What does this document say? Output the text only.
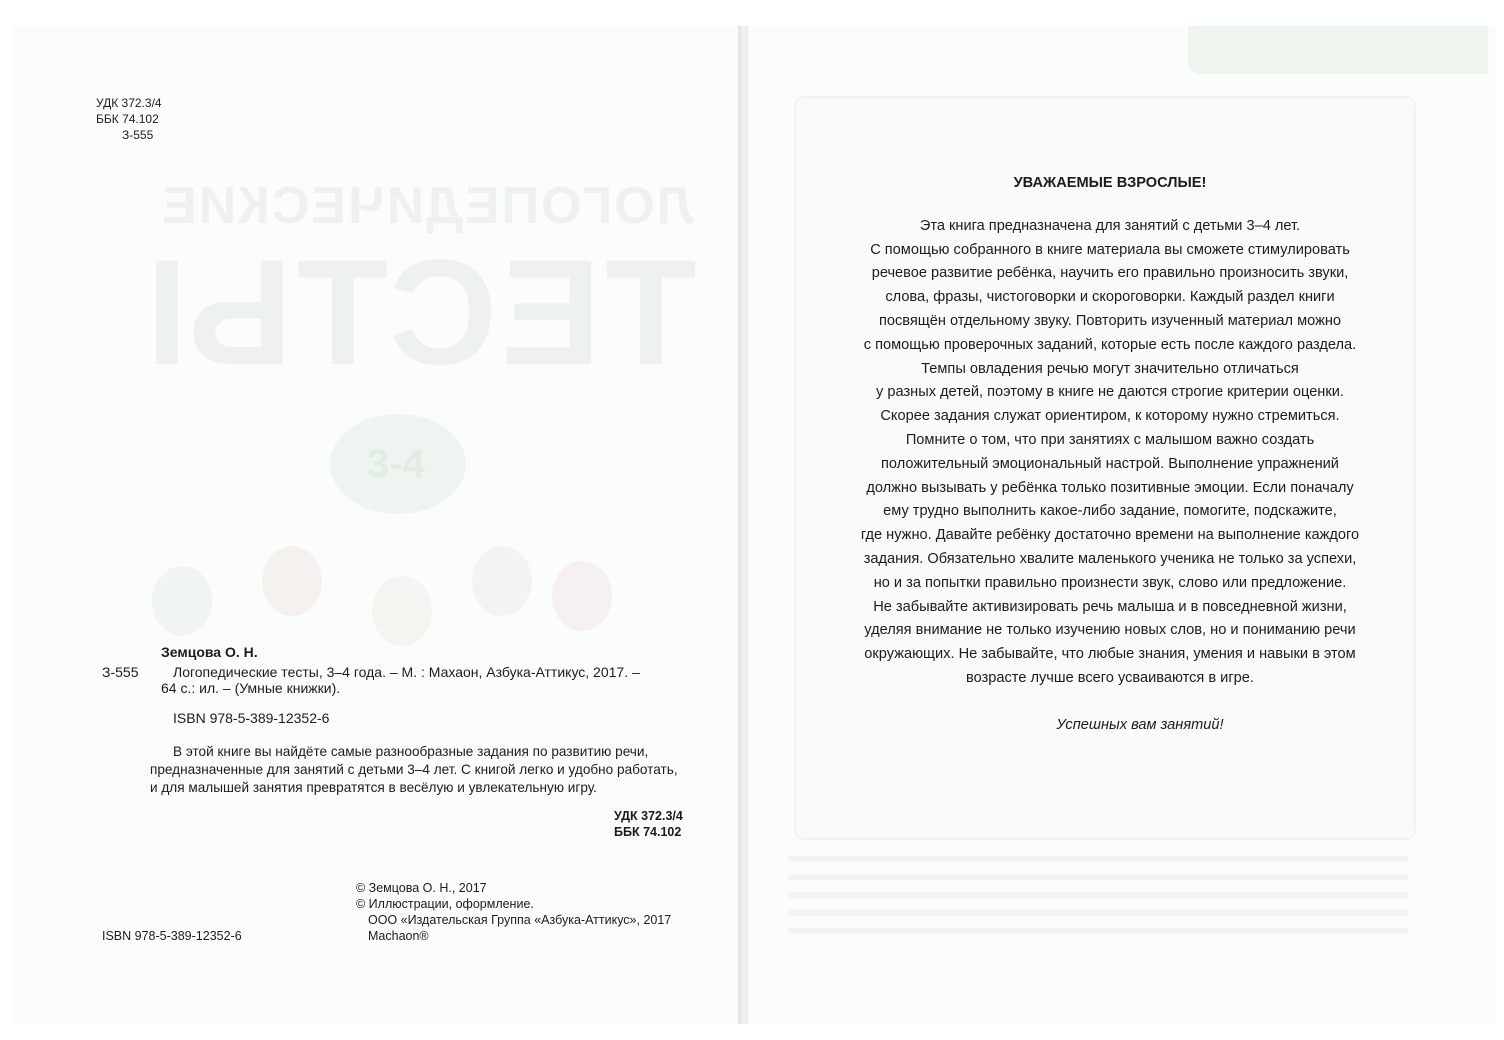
ЛОГОПЕДИЧЕСКИЕ
ТЕСТЫ
3-4
УДК 372.3/4
ББК 74.102
З-555
Земцова О. Н.
З-555 Логопедические тесты, 3–4 года. – М. : Махаон, Азбука-Аттикус, 2017. –
64 с.: ил. – (Умные книжки).
ISBN 978-5-389-12352-6
В этой книге вы найдёте самые разнообразные задания по развитию речи,
предназначенные для занятий с детьми 3–4 лет. С книгой легко и удобно работать,
и для малышей занятия превратятся в весёлую и увлекательную игру.
УДК 372.3/4
ББК 74.102
© Земцова О. Н., 2017
© Иллюстрации, оформление.
ООО «Издательская Группа «Азбука-Аттикус», 2017
Machaon®
ISBN 978-5-389-12352-6

УВАЖАЕМЫЕ ВЗРОСЛЫЕ!

Эта книга предназначена для занятий с детьми 3–4 лет.

С помощью собранного в книге материала вы сможете стимулировать

речевое развитие ребёнка, научить его правильно произносить звуки,

слова, фразы, чистоговорки и скороговорки. Каждый раздел книги

посвящён отдельному звуку. Повторить изученный материал можно

с помощью проверочных заданий, которые есть после каждого раздела.

Темпы овладения речью могут значительно отличаться

у разных детей, поэтому в книге не даются строгие критерии оценки.

Скорее задания служат ориентиром, к которому нужно стремиться.

Помните о том, что при занятиях с малышом важно создать

положительный эмоциональный настрой. Выполнение упражнений

должно вызывать у ребёнка только позитивные эмоции. Если поначалу

ему трудно выполнить какое-либо задание, помогите, подскажите,

где нужно. Давайте ребёнку достаточно времени на выполнение каждого

задания. Обязательно хвалите маленького ученика не только за успехи,

но и за попытки правильно произнести звук, слово или предложение.

Не забывайте активизировать речь малыша и в повседневной жизни,

уделяя внимание не только изучению новых слов, но и пониманию речи

окружающих. Не забывайте, что любые знания, умения и навыки в этом

возрасте лучше всего усваиваются в игре.

Успешных вам занятий!
